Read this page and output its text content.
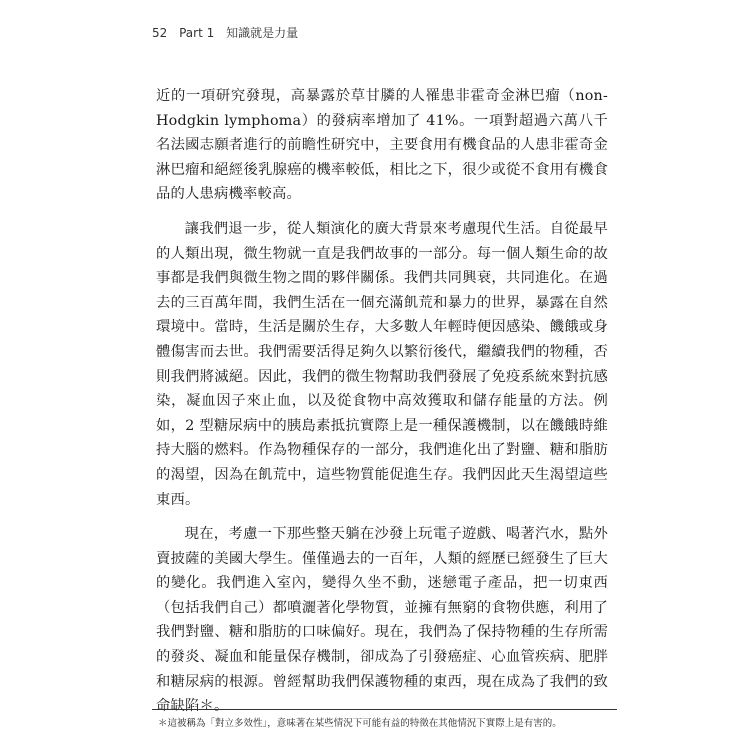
52 Part 1 知識就是力量

近的一項研究發現，高暴露於草甘膦的人罹患非霍奇金淋巴瘤（non-Hodgkin lymphoma）的發病率增加了 41%。一項對超過六萬八千名法國志願者進行的前瞻性研究中，主要食用有機食品的人患非霍奇金淋巴瘤和絕經後乳腺癌的機率較低，相比之下，很少或從不食用有機食品的人患病機率較高。

讓我們退一步，從人類演化的廣大背景來考慮現代生活。自從最早的人類出現，微生物就一直是我們故事的一部分。每一個人類生命的故事都是我們與微生物之間的夥伴關係。我們共同興衰，共同進化。在過去的三百萬年間，我們生活在一個充滿飢荒和暴力的世界，暴露在自然環境中。當時，生活是關於生存，大多數人年輕時便因感染、饑餓或身體傷害而去世。我們需要活得足夠久以繁衍後代，繼續我們的物種，否則我們將滅絕。因此，我們的微生物幫助我們發展了免疫系統來對抗感染，凝血因子來止血，以及從食物中高效獲取和儲存能量的方法。例如，2 型糖尿病中的胰島素抵抗實際上是一種保護機制，以在饑餓時維持大腦的燃料。作為物種保存的一部分，我們進化出了對鹽、糖和脂肪的渴望，因為在飢荒中，這些物質能促進生存。我們因此天生渴望這些東西。

現在，考慮一下那些整天躺在沙發上玩電子遊戲、喝著汽水，點外賣披薩的美國大學生。僅僅過去的一百年，人類的經歷已經發生了巨大的變化。我們進入室內，變得久坐不動，迷戀電子產品，把一切東西（包括我們自己）都噴灑著化學物質，並擁有無窮的食物供應，利用了我們對鹽、糖和脂肪的口味偏好。現在，我們為了保持物種的生存所需的發炎、凝血和能量保存機制，卻成為了引發癌症、心血管疾病、肥胖和糖尿病的根源。曾經幫助我們保護物種的東西，現在成為了我們的致命缺陷＊。

＊這被稱為「對立多效性」，意味著在某些情況下可能有益的特徵在其他情況下實際上是有害的。
